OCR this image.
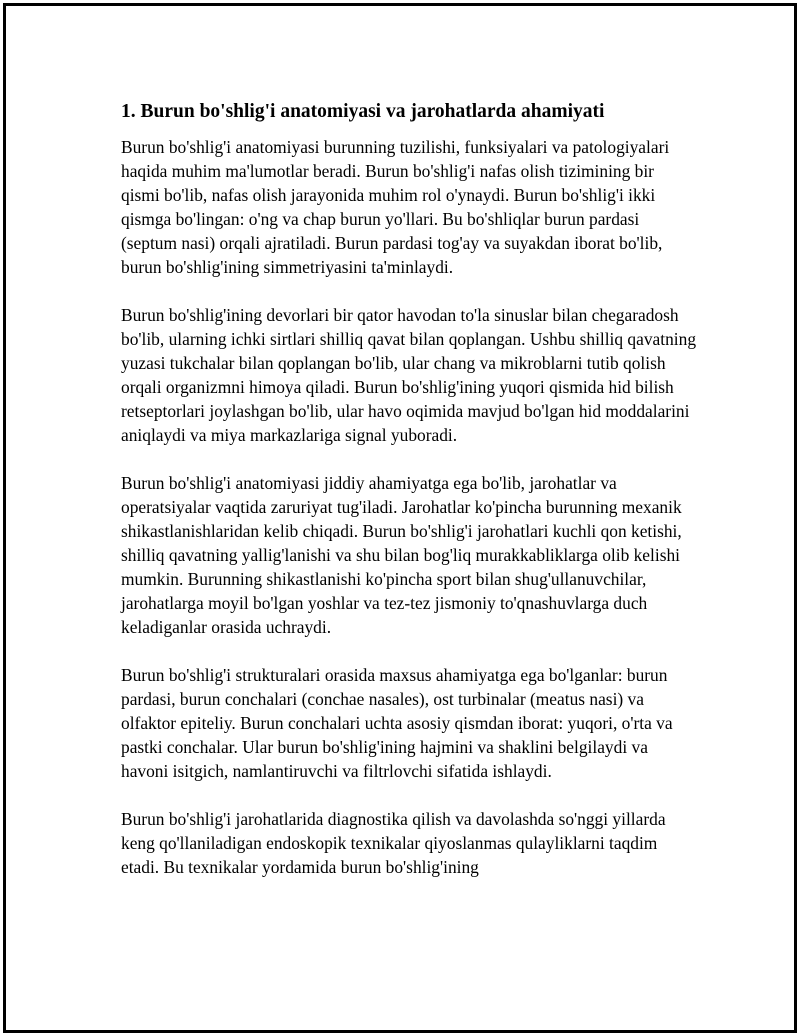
1. Burun bo'shlig'i anatomiyasi va jarohatlarda ahamiyati

Burun bo'shlig'i anatomiyasi burunning tuzilishi, funksiyalari va patologiyalari haqida muhim ma'lumotlar beradi. Burun bo'shlig'i nafas olish tizimining bir qismi bo'lib, nafas olish jarayonida muhim rol o'ynaydi. Burun bo'shlig'i ikki qismga bo'lingan: o'ng va chap burun yo'llari. Bu bo'shliqlar burun pardasi (septum nasi) orqali ajratiladi. Burun pardasi tog'ay va suyakdan iborat bo'lib, burun bo'shlig'ining simmetriyasini ta'minlaydi.

Burun bo'shlig'ining devorlari bir qator havodan to'la sinuslar bilan chegaradosh bo'lib, ularning ichki sirtlari shilliq qavat bilan qoplangan. Ushbu shilliq qavatning yuzasi tukchalar bilan qoplangan bo'lib, ular chang va mikroblarni tutib qolish orqali organizmni himoya qiladi. Burun bo'shlig'ining yuqori qismida hid bilish retseptorlari joylashgan bo'lib, ular havo oqimida mavjud bo'lgan hid moddalarini aniqlaydi va miya markazlariga signal yuboradi.

Burun bo'shlig'i anatomiyasi jiddiy ahamiyatga ega bo'lib, jarohatlar va operatsiyalar vaqtida zaruriyat tug'iladi. Jarohatlar ko'pincha burunning mexanik shikastlanishlaridan kelib chiqadi. Burun bo'shlig'i jarohatlari kuchli qon ketishi, shilliq qavatning yallig'lanishi va shu bilan bog'liq murakkabliklarga olib kelishi mumkin. Burunning shikastlanishi ko'pincha sport bilan shug'ullanuvchilar, jarohatlarga moyil bo'lgan yoshlar va tez-tez jismoniy to'qnashuvlarga duch keladiganlar orasida uchraydi.

Burun bo'shlig'i strukturalari orasida maxsus ahamiyatga ega bo'lganlar: burun pardasi, burun conchalari (conchae nasales), ost turbinalar (meatus nasi) va olfaktor epiteliy. Burun conchalari uchta asosiy qismdan iborat: yuqori, o'rta va pastki conchalar. Ular burun bo'shlig'ining hajmini va shaklini belgilaydi va havoni isitgich, namlantiruvchi va filtrlovchi sifatida ishlaydi.

Burun bo'shlig'i jarohatlarida diagnostika qilish va davolashda so'nggi yillarda keng qo'llaniladigan endoskopik texnikalar qiyoslanmas qulayliklarni taqdim etadi. Bu texnikalar yordamida burun bo'shlig'ining
